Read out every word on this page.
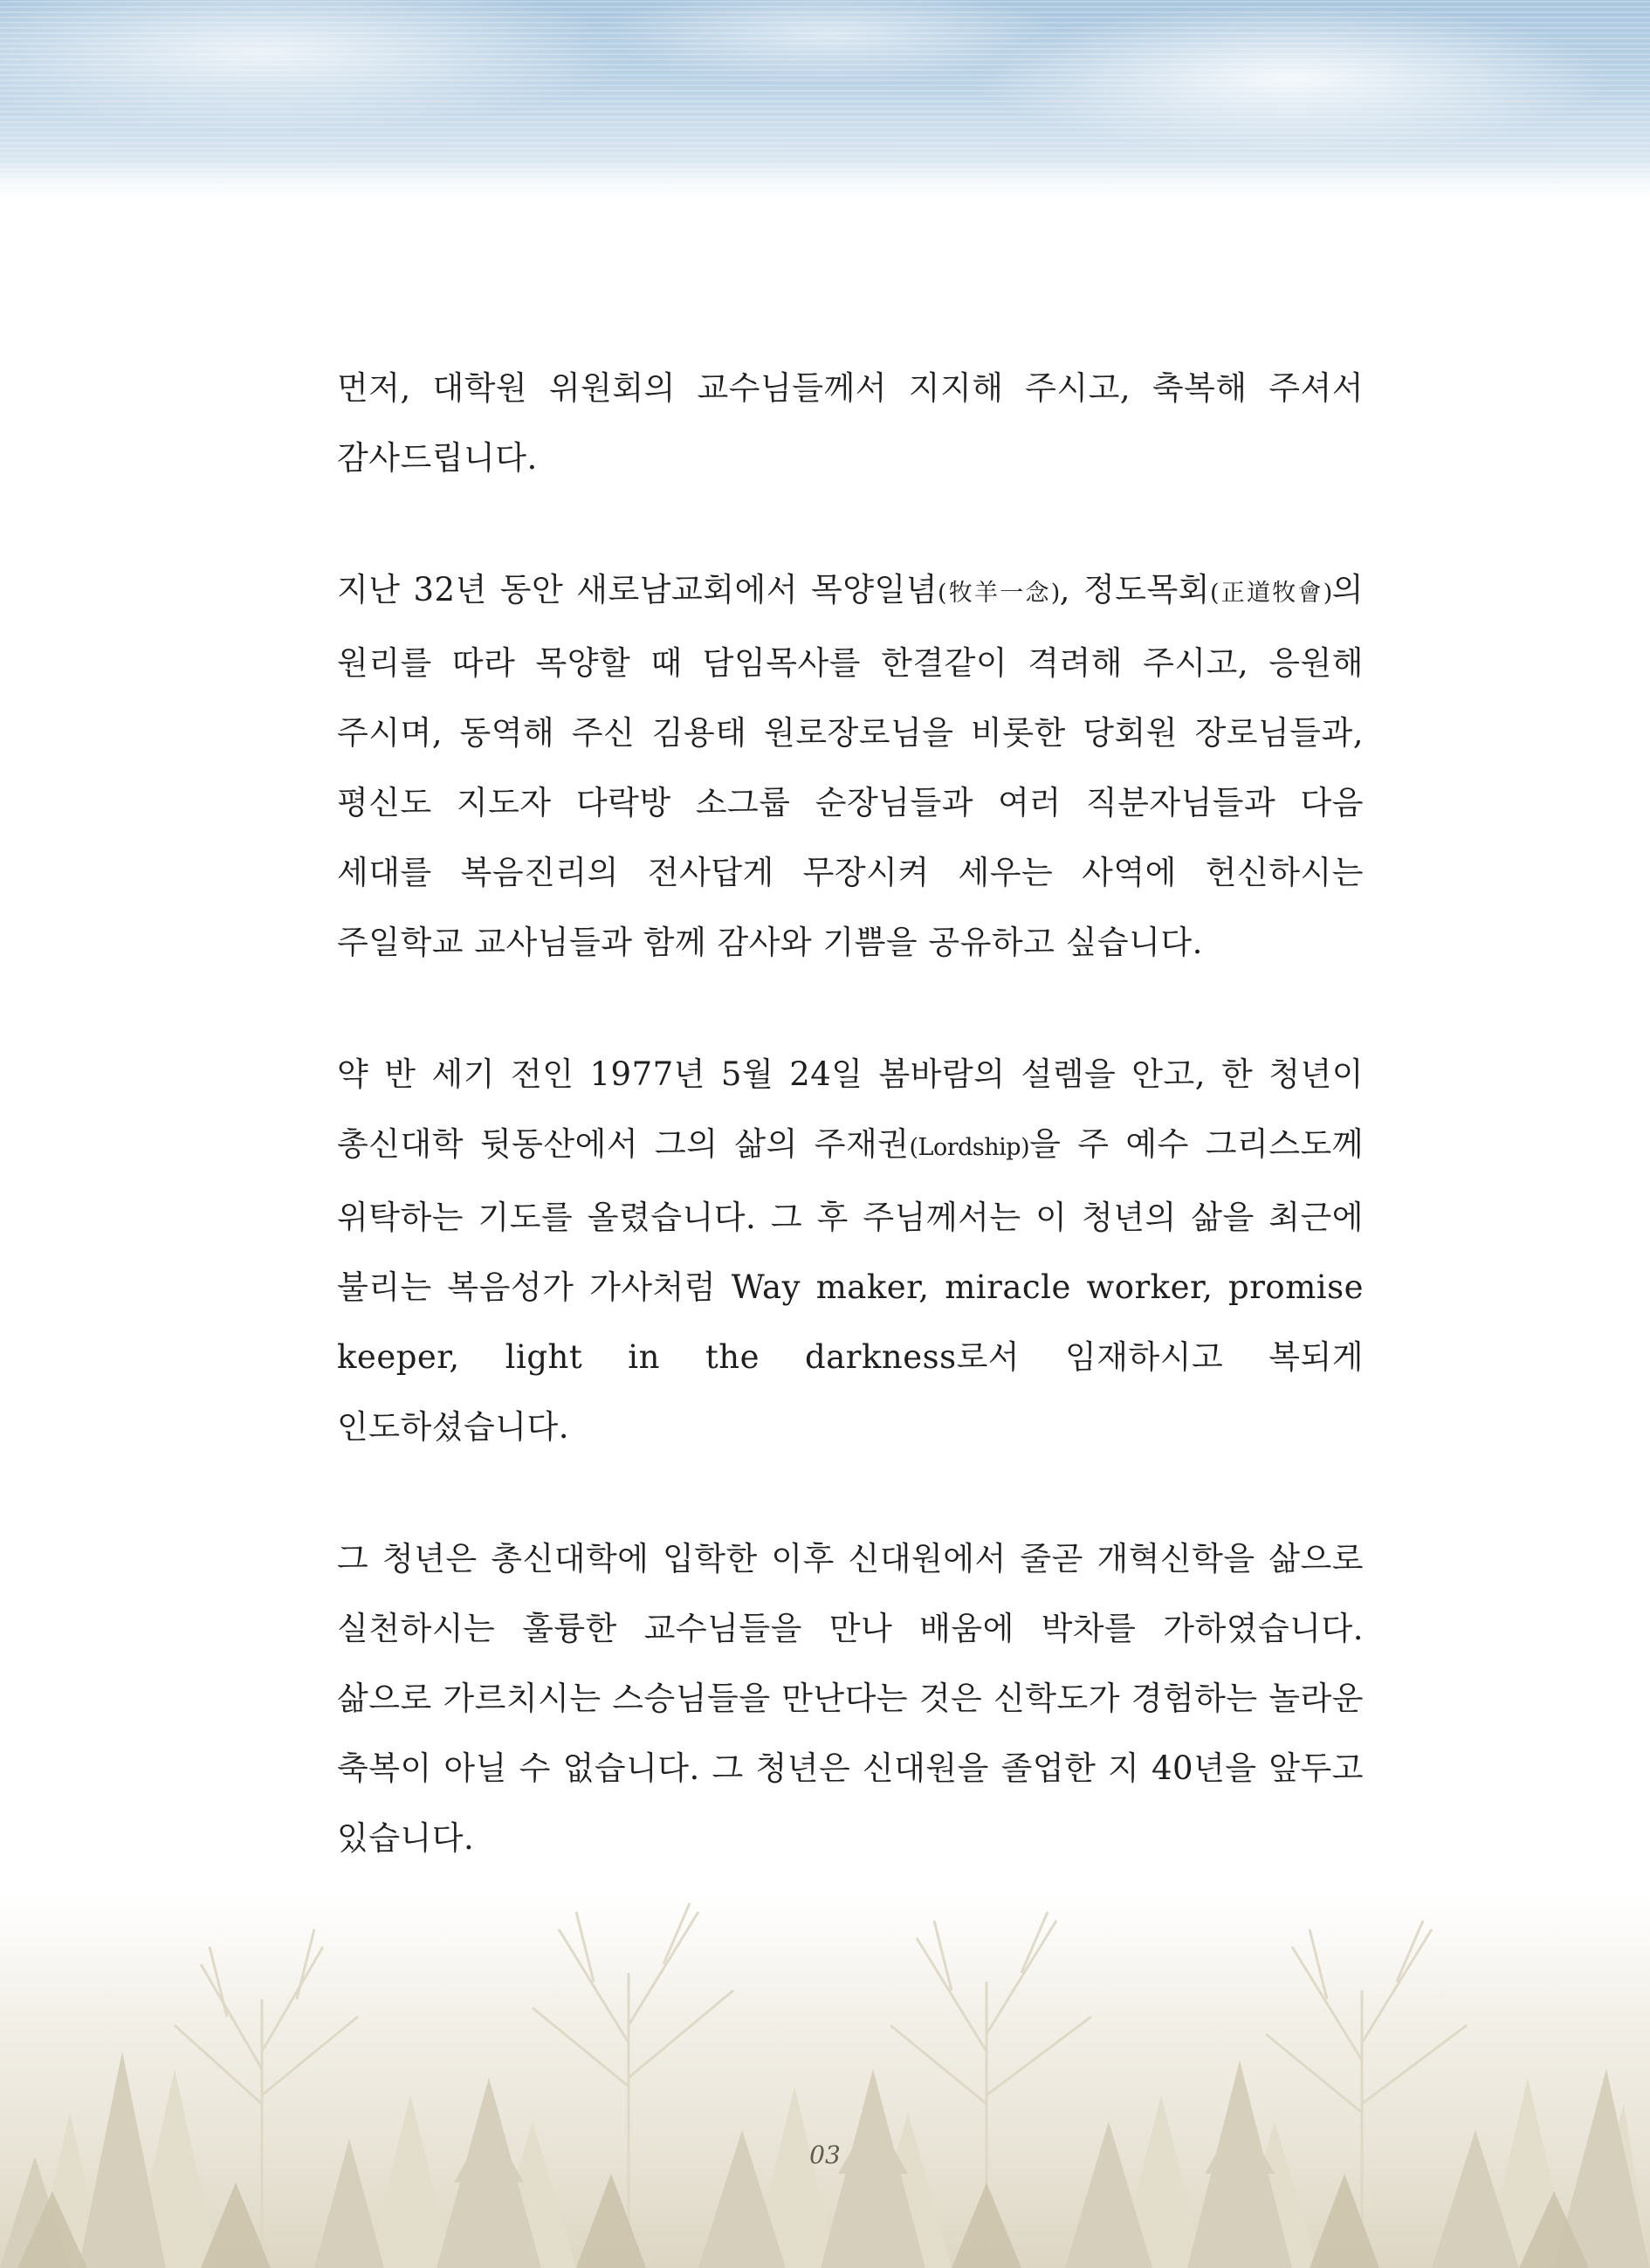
먼저, 대학원 위원회의 교수님들께서 지지해 주시고, 축복해 주셔서 감사드립니다.

지난 32년 동안 새로남교회에서 목양일념(牧羊一念), 정도목회(正道牧會)의 원리를 따라 목양할 때 담임목사를 한결같이 격려해 주시고, 응원해 주시며, 동역해 주신 김용태 원로장로님을 비롯한 당회원 장로님들과, 평신도 지도자 다락방 소그룹 순장님들과 여러 직분자님들과 다음 세대를 복음진리의 전사답게 무장시켜 세우는 사역에 헌신하시는 주일학교 교사님들과 함께 감사와 기쁨을 공유하고 싶습니다.

약 반 세기 전인 1977년 5월 24일 봄바람의 설렘을 안고, 한 청년이 총신대학 뒷동산에서 그의 삶의 주재권(Lordship)을 주 예수 그리스도께 위탁하는 기도를 올렸습니다. 그 후 주님께서는 이 청년의 삶을 최근에 불리는 복음성가 가사처럼 Way maker, miracle worker, promise keeper, light in the darkness로서 임재하시고 복되게 인도하셨습니다.

그 청년은 총신대학에 입학한 이후 신대원에서 줄곧 개혁신학을 삶으로 실천하시는 훌륭한 교수님들을 만나 배움에 박차를 가하였습니다. 삶으로 가르치시는 스승님들을 만난다는 것은 신학도가 경험하는 놀라운 축복이 아닐 수 없습니다. 그 청년은 신대원을 졸업한 지 40년을 앞두고 있습니다.

03
